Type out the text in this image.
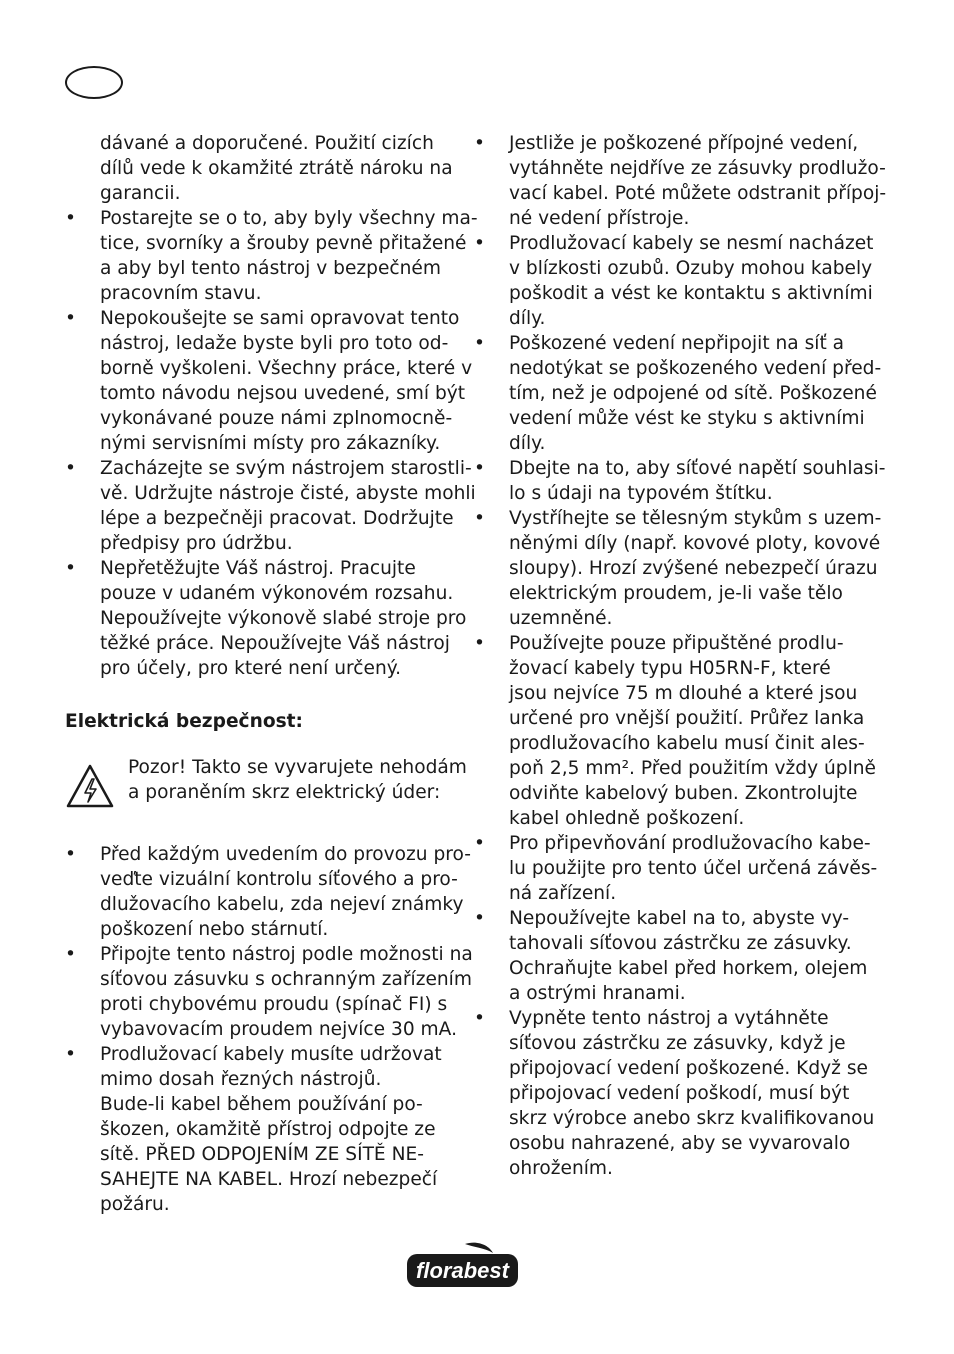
dávané a doporučené. Použití cizích
dílů vede k okamžité ztrátě nároku na
garancii.
• Postarejte se o to, aby byly všechny ma-
tice, svorníky a šrouby pevně přitažené
a aby byl tento nástroj v bezpečném
pracovním stavu.
• Nepokoušejte se sami opravovat tento
nástroj, ledaže byste byli pro toto od-
borně vyškoleni. Všechny práce, které v
tomto návodu nejsou uvedené, smí být
vykonávané pouze námi zplnomocně-
nými servisními místy pro zákazníky.
• Zacházejte se svým nástrojem starostli-
vě. Udržujte nástroje čisté, abyste mohli
lépe a bezpečněji pracovat. Dodržujte
předpisy pro údržbu.
• Nepřetěžujte Váš nástroj. Pracujte
pouze v udaném výkonovém rozsahu.
Nepoužívejte výkonově slabé stroje pro
těžké práce. Nepoužívejte Váš nástroj
pro účely, pro které není určený.
Elektrická bezpečnost:
Pozor! Takto se vyvarujete nehodám
a poraněním skrz elektrický úder:
• Před každým uvedením do provozu pro-
veďte vizuální kontrolu síťového a pro-
dlužovacího kabelu, zda nejeví známky
poškození nebo stárnutí.
• Připojte tento nástroj podle možnosti na
síťovou zásuvku s ochranným zařízením
proti chybovému proudu (spínač FI) s
vybavovacím proudem nejvíce 30 mA.
• Prodlužovací kabely musíte udržovat
mimo dosah řezných nástrojů.
Bude-li kabel během používání po-
škozen, okamžitě přístroj odpojte ze
sítě. PŘED ODPOJENÍM ZE SÍTĚ NE-
SAHEJTE NA KABEL. Hrozí nebezpečí
požáru.
• Jestliže je poškozené přípojné vedení,
vytáhněte nejdříve ze zásuvky prodlužo-
vací kabel. Poté můžete odstranit přípoj-
né vedení přístroje.
• Prodlužovací kabely se nesmí nacházet
v blízkosti ozubů. Ozuby mohou kabely
poškodit a vést ke kontaktu s aktivními
díly.
• Poškozené vedení nepřipojit na síť a
nedotýkat se poškozeného vedení před-
tím, než je odpojené od sítě. Poškozené
vedení může vést ke styku s aktivními
díly.
• Dbejte na to, aby síťové napětí souhlasi-
lo s údaji na typovém štítku.
• Vystříhejte se tělesným stykům s uzem-
něnými díly (např. kovové ploty, kovové
sloupy). Hrozí zvýšené nebezpečí úrazu
elektrickým proudem, je-li vaše tělo
uzemněné.
• Používejte pouze připuštěné prodlu-
žovací kabely typu H05RN-F, které
jsou nejvíce 75 m dlouhé a které jsou
určené pro vnější použití. Průřez lanka
prodlužovacího kabelu musí činit ales-
poň 2,5 mm². Před použitím vždy úplně
odviňte kabelový buben. Zkontrolujte
kabel ohledně poškození.
• Pro připevňování prodlužovacího kabe-
lu použijte pro tento účel určená závěs-
ná zařízení.
• Nepoužívejte kabel na to, abyste vy-
tahovali síťovou zástrčku ze zásuvky.
Ochraňujte kabel před horkem, olejem
a ostrými hranami.
• Vypněte tento nástroj a vytáhněte
síťovou zástrčku ze zásuvky, když je
připojovací vedení poškozené. Když se
připojovací vedení poškodí, musí být
skrz výrobce anebo skrz kvalifikovanou
osobu nahrazené, aby se vyvarovalo
ohrožením.
florabest
